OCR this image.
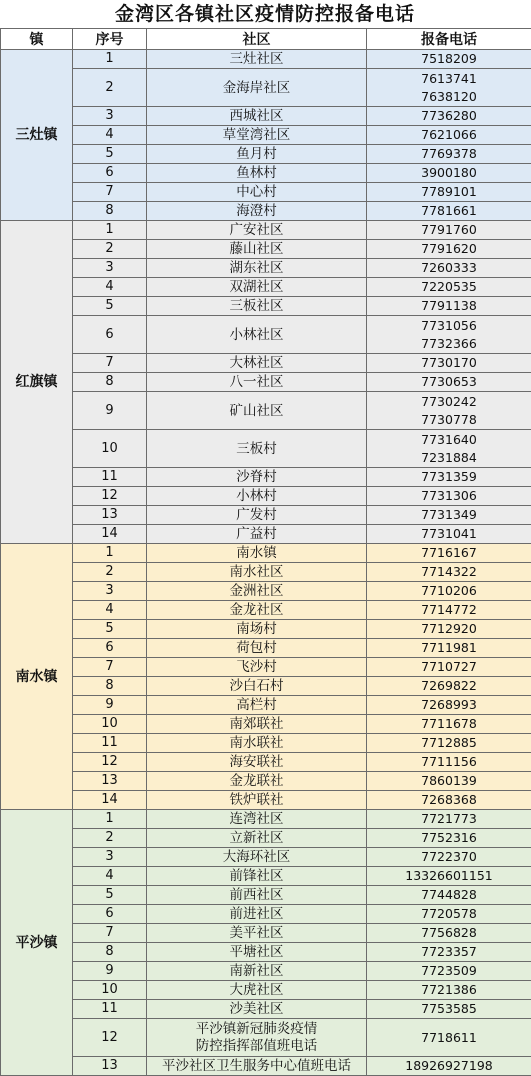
金湾区各镇社区疫情防控报备电话
镇	序号	社区	报备电话
三灶镇	1	三灶社区	7518209

	2	金海岸社区	7613741
7638120

	3	西城社区	7736280

	4	草堂湾社区	7621066

	5	鱼月村	7769378

	6	鱼林村	3900180

	7	中心村	7789101

	8	海澄村	7781661

红旗镇	1	广安社区	7791760

	2	藤山社区	7791620

	3	湖东社区	7260333

	4	双湖社区	7220535

	5	三板社区	7791138

	6	小林社区	7731056
7732366

	7	大林社区	7730170

	8	八一社区	7730653

	9	矿山社区	7730242
7730778

	10	三板村	7731640
7231884

	11	沙脊村	7731359

	12	小林村	7731306

	13	广发村	7731349

	14	广益村	7731041

南水镇	1	南水镇	7716167

	2	南水社区	7714322

	3	金洲社区	7710206

	4	金龙社区	7714772

	5	南场村	7712920

	6	荷包村	7711981

	7	飞沙村	7710727

	8	沙白石村	7269822

	9	高栏村	7268993

	10	南郊联社	7711678

	11	南水联社	7712885

	12	海安联社	7711156

	13	金龙联社	7860139

	14	铁炉联社	7268368

平沙镇	1	连湾社区	7721773

	2	立新社区	7752316

	3	大海环社区	7722370

	4	前锋社区	13326601151

	5	前西社区	7744828

	6	前进社区	7720578

	7	美平社区	7756828

	8	平塘社区	7723357

	9	南新社区	7723509

	10	大虎社区	7721386

	11	沙美社区	7753585

	12	平沙镇新冠肺炎疫情
防控指挥部值班电话	7718611

	13	平沙社区卫生服务中心值班电话	18926927198
